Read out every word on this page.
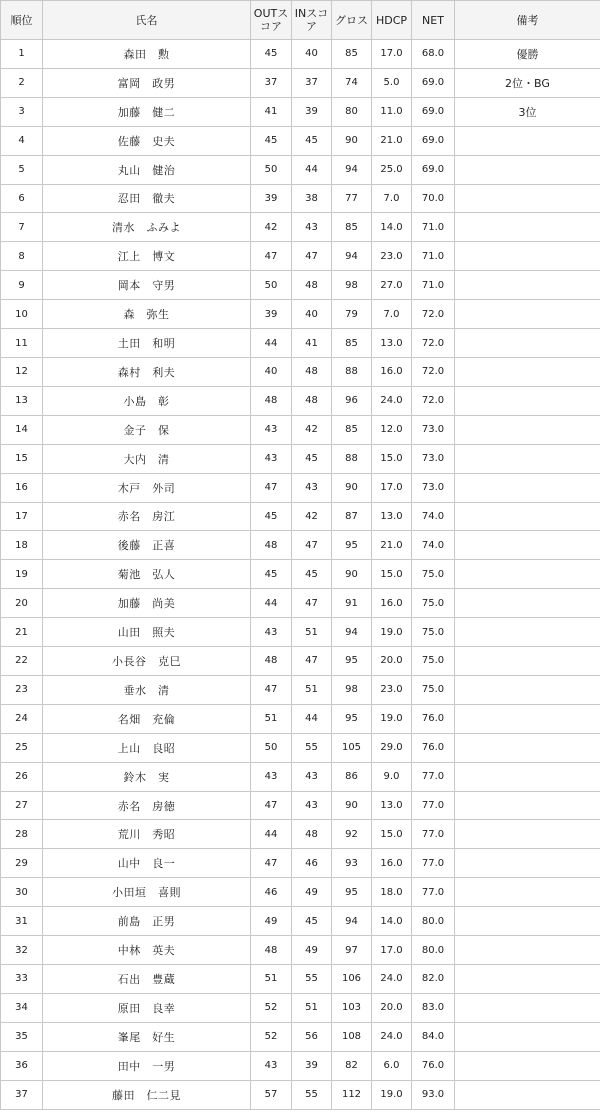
順位	氏名	OUTスコア	INスコア	グロス	HDCP	NET	備考
1	森田　勲	45	40	85	17.0	68.0	優勝
2	富岡　政男	37	37	74	5.0	69.0	2位・BG
3	加藤　健二	41	39	80	11.0	69.0	3位
4	佐藤　史夫	45	45	90	21.0	69.0	
5	丸山　健治	50	44	94	25.0	69.0	
6	忍田　徹夫	39	38	77	7.0	70.0	
7	清水　ふみよ	42	43	85	14.0	71.0	
8	江上　博文	47	47	94	23.0	71.0	
9	岡本　守男	50	48	98	27.0	71.0	
10	森　弥生	39	40	79	7.0	72.0	
11	土田　和明	44	41	85	13.0	72.0	
12	森村　利夫	40	48	88	16.0	72.0	
13	小島　彰	48	48	96	24.0	72.0	
14	金子　保	43	42	85	12.0	73.0	
15	大内　清	43	45	88	15.0	73.0	
16	木戸　外司	47	43	90	17.0	73.0	
17	赤名　房江	45	42	87	13.0	74.0	
18	後藤　正喜	48	47	95	21.0	74.0	
19	菊池　弘人	45	45	90	15.0	75.0	
20	加藤　尚美	44	47	91	16.0	75.0	
21	山田　照夫	43	51	94	19.0	75.0	
22	小長谷　克巳	48	47	95	20.0	75.0	
23	垂水　清	47	51	98	23.0	75.0	
24	名畑　充倫	51	44	95	19.0	76.0	
25	上山　良昭	50	55	105	29.0	76.0	
26	鈴木　実	43	43	86	9.0	77.0	
27	赤名　房徳	47	43	90	13.0	77.0	
28	荒川　秀昭	44	48	92	15.0	77.0	
29	山中　良一	47	46	93	16.0	77.0	
30	小田垣　喜則	46	49	95	18.0	77.0	
31	前島　正男	49	45	94	14.0	80.0	
32	中林　英夫	48	49	97	17.0	80.0	
33	石出　豊蔵	51	55	106	24.0	82.0	
34	原田　良幸	52	51	103	20.0	83.0	
35	峯尾　好生	52	56	108	24.0	84.0	
36	田中　一男	43	39	82	6.0	76.0	
37	藤田　仁二見	57	55	112	19.0	93.0	
